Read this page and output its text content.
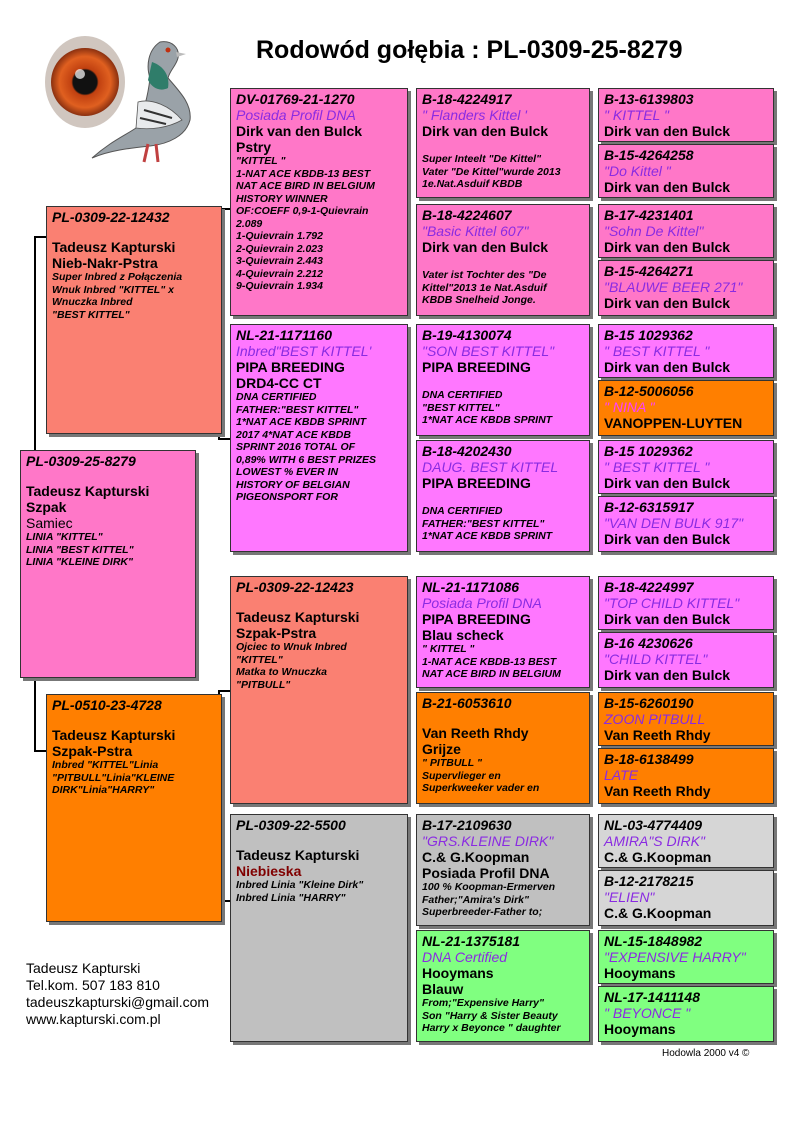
Rodowód gołębia : PL-0309-25-8279
PL-0309-25-8279
Tadeusz Kapturski
Szpak
Samiec
LINIA "KITTEL"
LINIA "BEST KITTEL"
LINIA "KLEINE DIRK"
PL-0309-22-12432
Tadeusz Kapturski
Nieb-Nakr-Pstra
Super Inbred z Połączenia
Wnuk Inbred "KITTEL" x
Wnuczka Inbred
"BEST KITTEL"
PL-0510-23-4728
Tadeusz Kapturski
Szpak-Pstra
Inbred "KITTEL"Linia
"PITBULL"Linia"KLEINE
DIRK"Linia"HARRY"
DV-01769-21-1270
Posiada Profil DNA
Dirk van den Bulck
Pstry
"KITTEL "
1-NAT ACE KBDB-13 BEST
NAT ACE BIRD IN BELGIUM
HISTORY WINNER
OF:COEFF 0,9-1-Quievrain
2.089
1-Quievrain 1.792
2-Quievrain 2.023
3-Quievrain 2.443
4-Quievrain 2.212
9-Quievrain 1.934
NL-21-1171160
Inbred"BEST KITTEL'
PIPA BREEDING
DRD4-CC CT
DNA CERTIFIED
FATHER:"BEST KITTEL"
1*NAT ACE KBDB SPRINT
2017 4*NAT ACE KBDB
SPRINT 2016 TOTAL OF
0,89% WITH 6 BEST PRIZES
LOWEST % EVER IN
HISTORY OF BELGIAN
PIGEONSPORT FOR
PL-0309-22-12423
Tadeusz Kapturski
Szpak-Pstra
Ojciec to Wnuk Inbred
"KITTEL"
Matka to Wnuczka
"PITBULL"
PL-0309-22-5500
Tadeusz Kapturski
Niebieska
Inbred Linia "Kleine Dirk"
Inbred Linia "HARRY"
B-18-4224917
" Flanders Kittel '
Dirk van den Bulck
Super Inteelt "De Kittel"
Vater "De Kittel"wurde 2013
1e.Nat.Asduif KBDB
B-18-4224607
"Basic Kittel 607"
Dirk van den Bulck
Vater ist Tochter des "De
Kittel"2013 1e Nat.Asduif
KBDB Snelheid Jonge.
B-19-4130074
"SON BEST KITTEL"
PIPA BREEDING
DNA CERTIFIED
"BEST KITTEL"
1*NAT ACE KBDB SPRINT
B-18-4202430
DAUG. BEST KITTEL
PIPA BREEDING
DNA CERTIFIED
FATHER:"BEST KITTEL"
1*NAT ACE KBDB SPRINT
NL-21-1171086
Posiada Profil DNA
PIPA BREEDING
Blau scheck
" KITTEL "
1-NAT ACE KBDB-13 BEST
NAT ACE BIRD IN BELGIUM
B-21-6053610
Van Reeth Rhdy
Grijze
" PITBULL "
Supervlieger en
Superkweeker vader en
B-17-2109630
"GRS.KLEINE DIRK"
C.& G.Koopman
Posiada Profil DNA
100 % Koopman-Ermerven
Father;"Amira's Dirk"
Superbreeder-Father to;
NL-21-1375181
DNA Certified
Hooymans
Blauw
From;"Expensive Harry"
Son "Harry & Sister Beauty
Harry x Beyonce " daughter
B-13-6139803
" KITTEL "
Dirk van den Bulck
B-15-4264258
"Do Kittel "
Dirk van den Bulck
B-17-4231401
"Sohn De Kittel"
Dirk van den Bulck
B-15-4264271
"BLAUWE BEER 271"
Dirk van den Bulck
B-15 1029362
" BEST KITTEL "
Dirk van den Bulck
B-12-5006056
" NINA "
VANOPPEN-LUYTEN
B-15 1029362
" BEST KITTEL "
Dirk van den Bulck
B-12-6315917
"VAN DEN BULK 917"
Dirk van den Bulck
B-18-4224997
"TOP CHILD KITTEL"
Dirk van den Bulck
B-16 4230626
"CHILD KITTEL"
Dirk van den Bulck
B-15-6260190
ZOON PITBULL
Van Reeth Rhdy
B-18-6138499
LATE
Van Reeth Rhdy
NL-03-4774409
AMIRA"S DIRK"
C.& G.Koopman
B-12-2178215
"ELIEN"
C.& G.Koopman
NL-15-1848982
"EXPENSIVE HARRY"
Hooymans
NL-17-1411148
" BEYONCE "
Hooymans
Tadeusz Kapturski
Tel.kom. 507 183 810
tadeuszkapturski@gmail.com
www.kapturski.com.pl
Hodowla 2000 v4 ©
